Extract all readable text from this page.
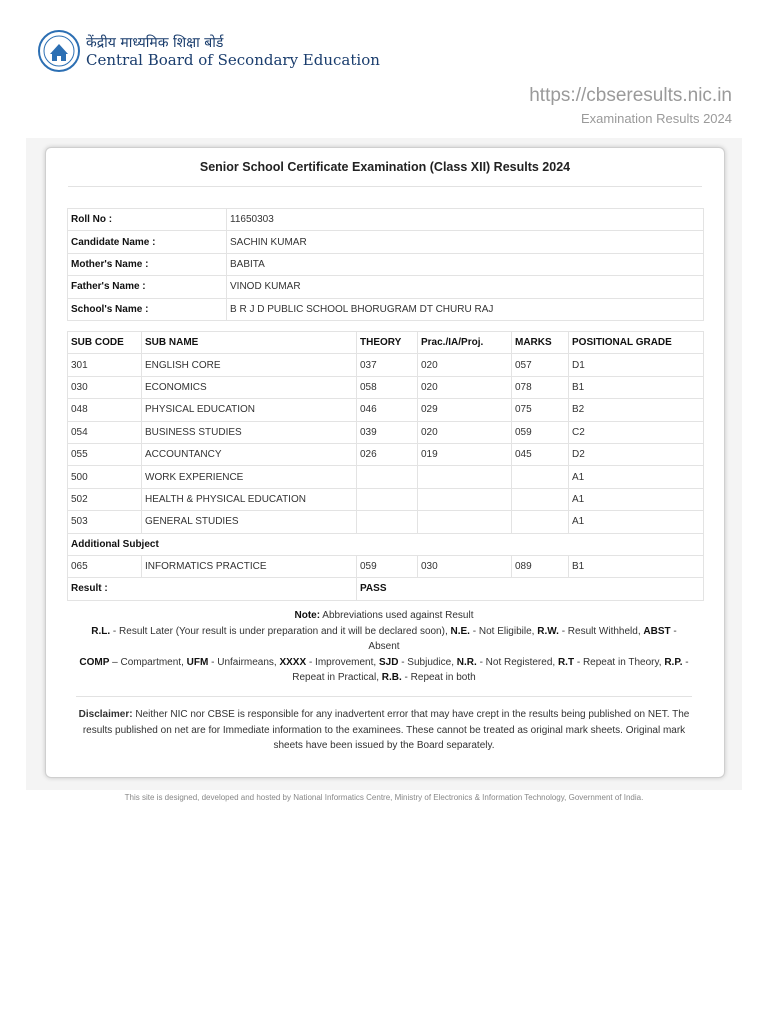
केंद्रीय माध्यमिक शिक्षा बोर्ड
Central Board of Secondary Education
https://cbseresults.nic.in
Examination Results 2024
Senior School Certificate Examination (Class XII) Results 2024
Roll No :	11650303
Candidate Name :	SACHIN KUMAR
Mother's Name :	BABITA
Father's Name :	VINOD KUMAR
School's Name :	B R J D PUBLIC SCHOOL BHORUGRAM DT CHURU RAJ
SUB CODE	SUB NAME	THEORY	Prac./IA/Proj.	MARKS	POSITIONAL GRADE
301	ENGLISH CORE	037	020	057	D1
030	ECONOMICS	058	020	078	B1
048	PHYSICAL EDUCATION	046	029	075	B2
054	BUSINESS STUDIES	039	020	059	C2
055	ACCOUNTANCY	026	019	045	D2
500	WORK EXPERIENCE				A1
502	HEALTH & PHYSICAL EDUCATION				A1
503	GENERAL STUDIES				A1
Additional Subject					
065	INFORMATICS PRACTICE	059	030	089	B1
Result :		PASS			
Note: Abbreviations used against Result
R.L. - Result Later (Your result is under preparation and it will be declared soon), N.E. - Not Eligibile, R.W. - Result Withheld, ABST - Absent
COMP – Compartment, UFM - Unfairmeans, XXXX - Improvement, SJD - Subjudice, N.R. - Not Registered, R.T - Repeat in Theory, R.P. - Repeat in Practical, R.B. - Repeat in both
Disclaimer: Neither NIC nor CBSE is responsible for any inadvertent error that may have crept in the results being published on NET. The results published on net are for Immediate information to the examinees. These cannot be treated as original mark sheets. Original mark sheets have been issued by the Board separately.
This site is designed, developed and hosted by National Informatics Centre, Ministry of Electronics & Information Technology, Government of India.
